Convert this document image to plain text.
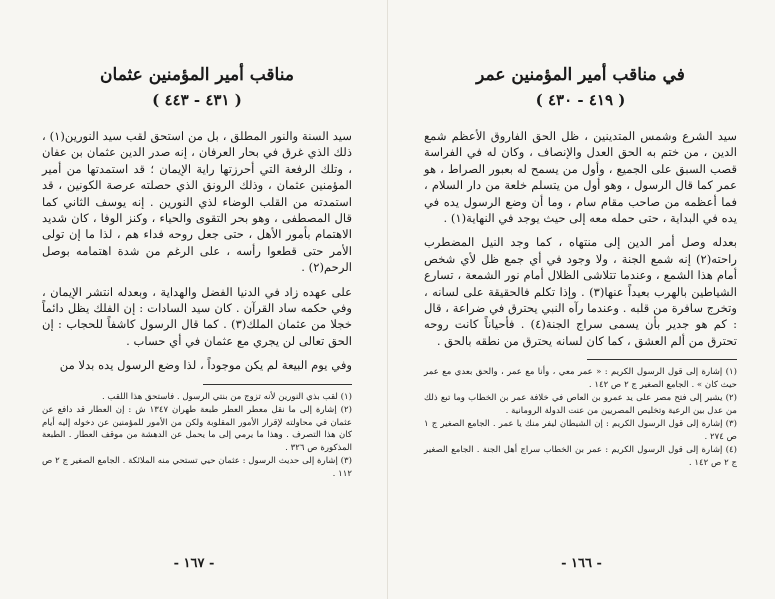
مناقب أمير المؤمنين عثمان
( ٤٣١ - ٤٤٣ )

سيد السنة والنور المطلق ، بل من استحق لقب سيد النورين(١) ، ذلك الذي غرق في بحار العرفان ، إنه صدر الدين عثمان بن عفان ، وتلك الرفعة التي أحرزتها راية الإيمان ؛ قد استمدتها من أمير المؤمنين عثمان ، وذلك الرونق الذي حصلته عرصة الكونين ، قد استمدته من القلب الوضاء لذي النورين . إنه يوسف الثاني كما قال المصطفى ، وهو بحر التقوى والحياء ، وكنز الوفا ، كان شديد الاهتمام بأمور الأهل ، حتى جعل روحه فداء هم ، لذا ما إن تولى الأمر حتى قطعوا رأسه ، على الرغم من شدة اهتمامه بوصل الرحم(٢) .

على عهده زاد في الدنيا الفضل والهداية ، وبعدله انتشر الإيمان ، وفي حكمه ساد القرآن . كان سيد السادات : إن الفلك يظل دائماً خجلا من عثمان الملك(٣) . كما قال الرسول كاشفاً للحجاب : إن الحق تعالى لن يجري مع عثمان في أي حساب .

وفي يوم البيعة لم يكن موجوداً ، لذا وضع الرسول يده بدلا من

(١) لقب بذي النورين لأنه تزوج من بنتي الرسول . فاستحق هذا اللقب .

(٢) إشارة إلى ما نقل معطر العطر طبعة طهران ١٣٤٧ ش : إن العطار قد دافع عن عثمان في محاولته لإقرار الأمور المقلوبة ولكن من الأمور للمؤمنين عن دخوله إليه أيام كان هذا التصرف . وهذا ما يرمي إلى ما يحمل عن الدهشة من موقف العطار . الطبعة المذكورة ص ٣٢٦ .

(٣) إشارة إلى حديث الرسول : عثمان حيي تستحي منه الملائكة . الجامع الصغير ج ٢ ص ١١٢ .

- ١٦٧ -
في مناقب أمير المؤمنين عمر
( ٤١٩ - ٤٣٠ )

سيد الشرع وشمس المتدينين ، ظل الحق الفاروق الأعظم شمع الدين ، من ختم به الحق العدل والإنصاف ، وكان له في الفراسة قصب السبق على الجميع ، وأول من يسمح له بعبور الصراط ، هو عمر كما قال الرسول ، وهو أول من يتسلم خلعة من دار السلام ، فما أعظمه من صاحب مقام سام ، وما أن وضع الرسول يده في يده في البداية ، حتى حمله معه إلى حيث يوجد في النهاية(١) .

بعدله وصل أمر الدين إلى منتهاه ، كما وجد النيل المضطرب راحته(٢) إنه شمع الجنة ، ولا وجود في أي جمع ظل لأي شخص أمام هذا الشمع ، وعندما تتلاشى الظلال أمام نور الشمعة ، تسارع الشياطين بالهرب بعيداً عنها(٣) . وإذا تكلم فالحقيقة على لسانه ، وتخرج سافرة من قلبه . وعندما رآه النبي يحترق في ضراعة ، قال : كم هو جدير بأن يسمى سراج الجنة(٤) . فأحياناً كانت روحه تحترق من ألم العشق ، كما كان لسانه يحترق من نطقه بالحق .

(١) إشارة إلى قول الرسول الكريم : « عمر معي ، وأنا مع عمر ، والحق بعدي مع عمر حيث كان » . الجامع الصغير ج ٢ ص ١٤٢ .

(٢) يشير إلى فتح مصر على يد عمرو بن العاص في خلافة عمر بن الخطاب وما تبع ذلك من عدل بين الرعية وتخليص المصريين من عنت الدولة الرومانية .

(٣) إشارة إلى قول الرسول الكريم : إن الشيطان ليفر منك يا عمر . الجامع الصغير ج ١ ص ٢٧٤ .

(٤) إشارة إلى قول الرسول الكريم : عمر بن الخطاب سراج أهل الجنة . الجامع الصغير ج ٢ ص ١٤٢ .

- ١٦٦ -
